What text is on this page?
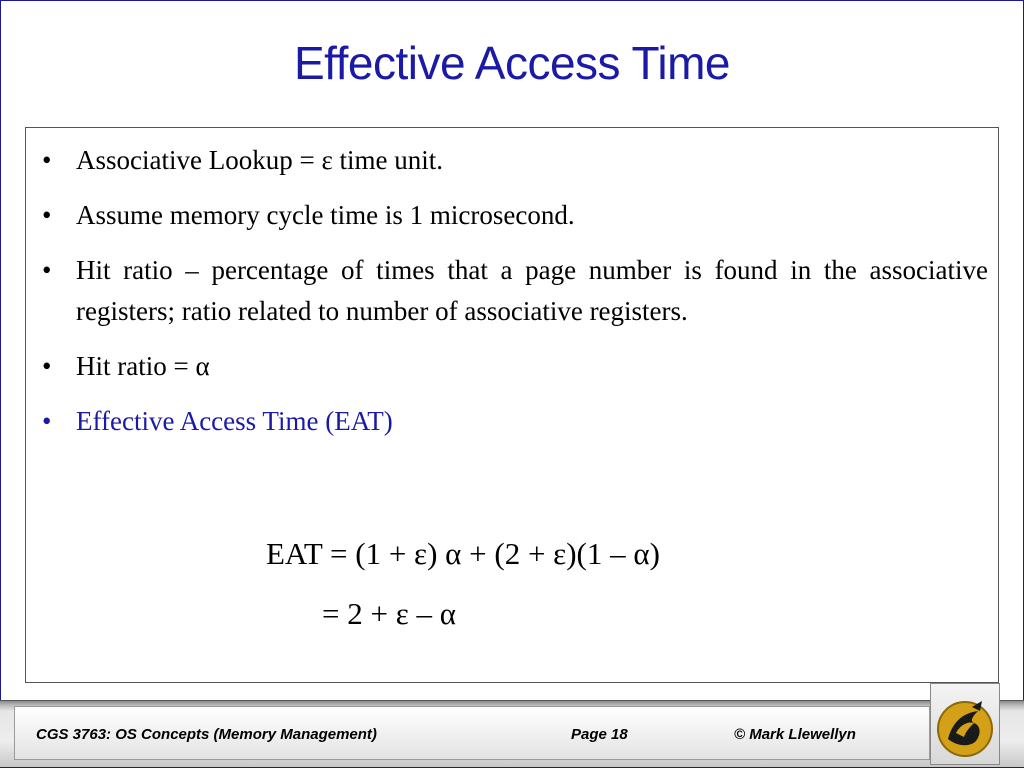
Effective Access Time
• Associative Lookup = ε time unit.
• Assume memory cycle time is 1 microsecond.
• Hit ratio – percentage of times that a page number is found in the associative registers; ratio related to number of associative registers.
• Hit ratio = α
• Effective Access Time (EAT)
EAT = (1 + ε) α + (2 + ε)(1 – α)
= 2 + ε – α
CGS 3763: OS Concepts (Memory Management)	Page 18	© Mark Llewellyn
